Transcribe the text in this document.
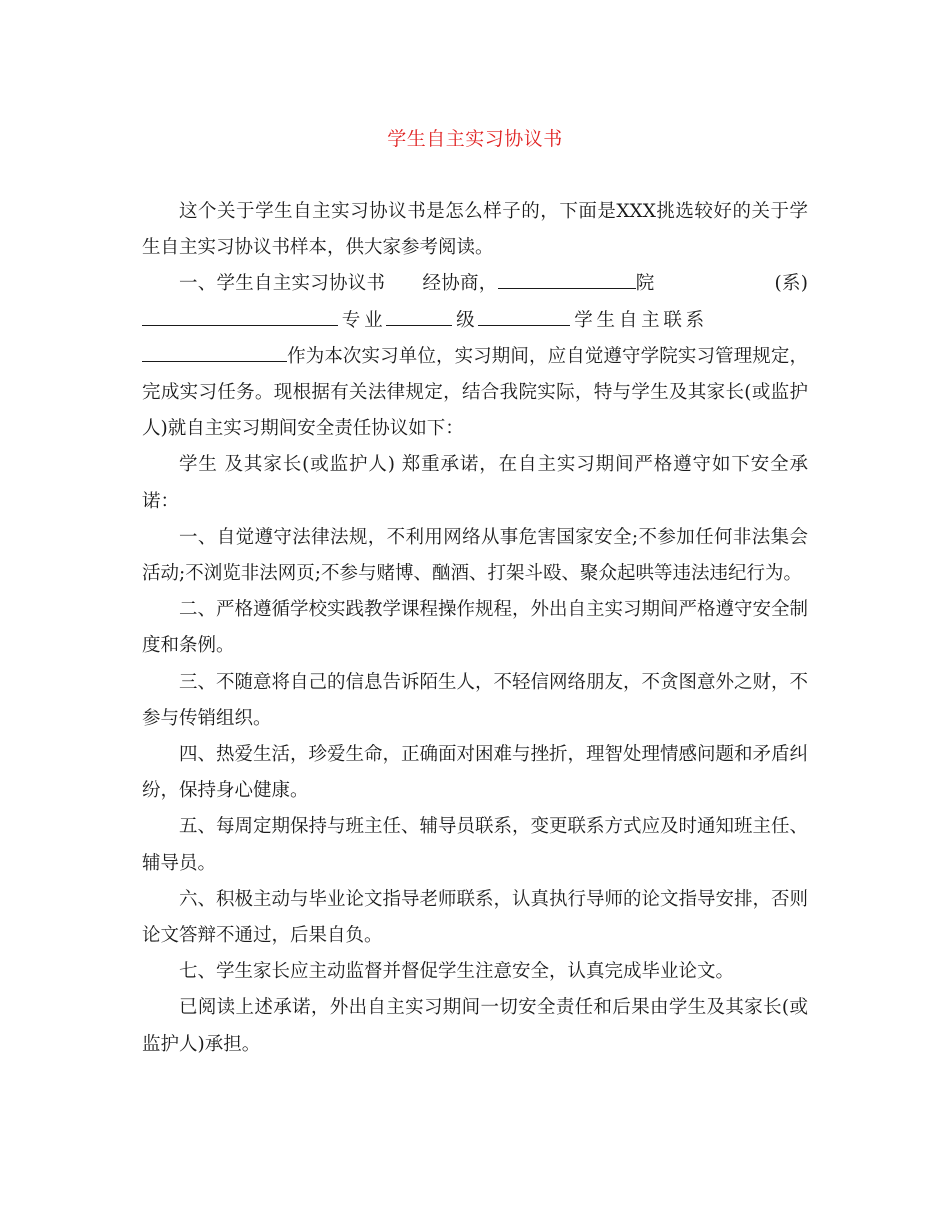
学生自主实习协议书

这个关于学生自主实习协议书是怎么样子的，下面是XXX挑选较好的关于学生自主实习协议书样本，供大家参考阅读。

一、学生自主实习协议书 经协商，	院	(系)专业	级	学生自主联系作为本次实习单位，实习期间，应自觉遵守学院实习管理规定，完成实习任务。现根据有关法律规定，结合我院实际，特与学生及其家长(或监护人)就自主实习期间安全责任协议如下：

学生 及其家长(或监护人) 郑重承诺，在自主实习期间严格遵守如下安全承诺：

一、自觉遵守法律法规，不利用网络从事危害国家安全;不参加任何非法集会活动;不浏览非法网页;不参与赌博、酗酒、打架斗殴、聚众起哄等违法违纪行为。

二、严格遵循学校实践教学课程操作规程，外出自主实习期间严格遵守安全制度和条例。

三、不随意将自己的信息告诉陌生人，不轻信网络朋友，不贪图意外之财，不参与传销组织。

四、热爱生活，珍爱生命，正确面对困难与挫折，理智处理情感问题和矛盾纠纷，保持身心健康。

五、每周定期保持与班主任、辅导员联系，变更联系方式应及时通知班主任、辅导员。

六、积极主动与毕业论文指导老师联系，认真执行导师的论文指导安排，否则论文答辩不通过，后果自负。

七、学生家长应主动监督并督促学生注意安全，认真完成毕业论文。

已阅读上述承诺，外出自主实习期间一切安全责任和后果由学生及其家长(或监护人)承担。
